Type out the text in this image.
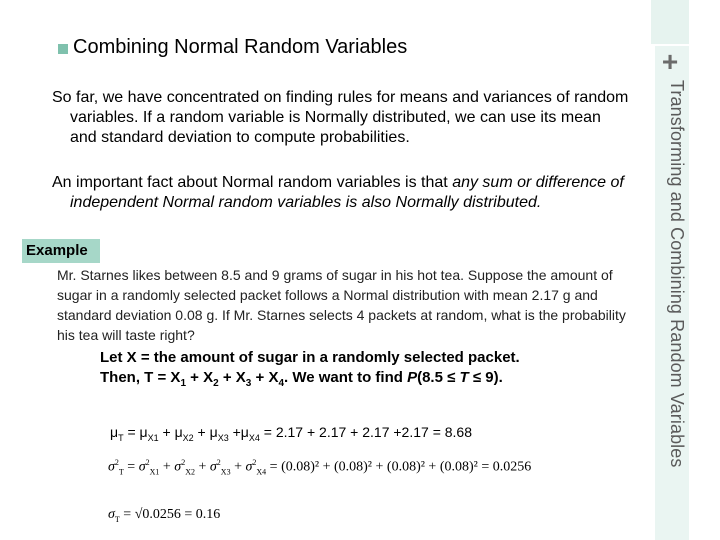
+
Transforming and Combining Random Variables
Combining Normal Random Variables
So far, we have concentrated on finding rules for means and variances of random variables. If a random variable is Normally distributed, we can use its mean and standard deviation to compute probabilities.
An important fact about Normal random variables is that any sum or difference of independent Normal random variables is also Normally distributed.
Example
Mr. Starnes likes between 8.5 and 9 grams of sugar in his hot tea. Suppose the amount of sugar in a randomly selected packet follows a Normal distribution with mean 2.17 g and standard deviation 0.08 g. If Mr. Starnes selects 4 packets at random, what is the probability his tea will taste right?
Let X = the amount of sugar in a randomly selected packet.
Then, $T = X_1 + X_2 + X_3 + X_4$. We want to find P(8.5 ≤ T ≤ 9).
$\mu_T = \mu_{X1} + \mu_{X2} + \mu_{X3} +\mu_{X4} = 2.17 + 2.17 + 2.17 +2.17 = 8.68$
$\sigma^2_T = \sigma^2_{X1} + \sigma^2_{X2} + \sigma^2_{X3} + \sigma^2_{X4} = (0.08)^2 + (0.08)^2 + (0.08)^2 + (0.08)^2 = 0.0256$
$\sigma_T = √0.0256 = 0.16$
